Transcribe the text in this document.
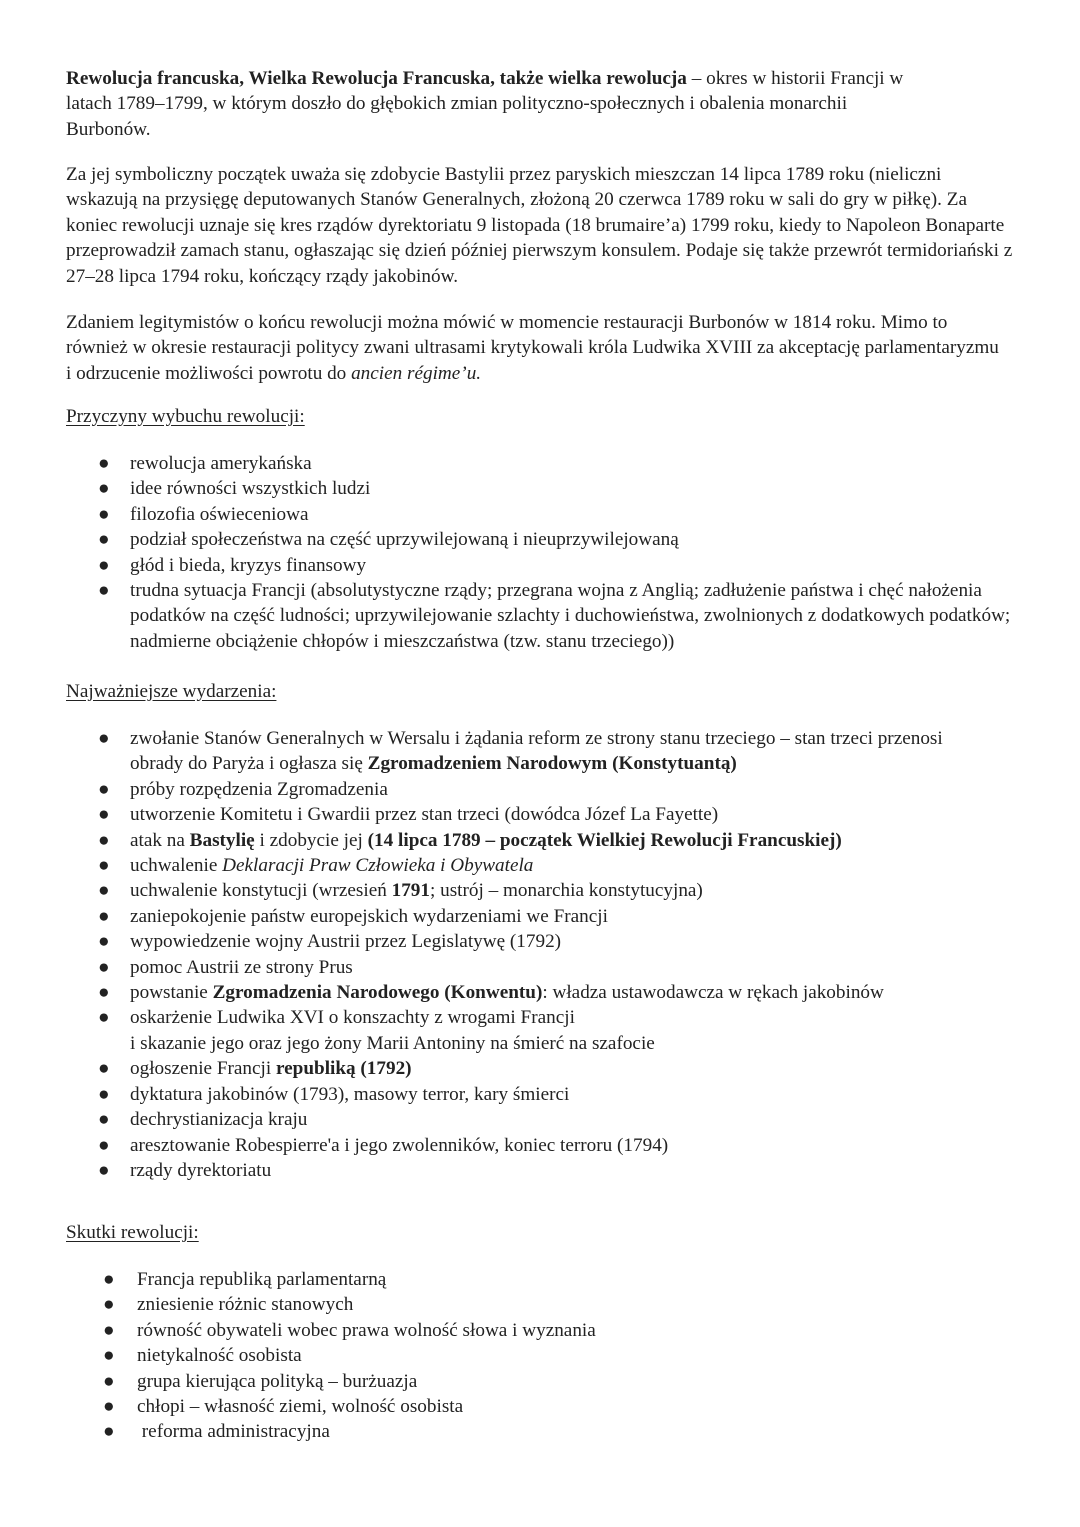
Rewolucja francuska, Wielka Rewolucja Francuska, także wielka rewolucja – okres w historii Francji w latach 1789–1799, w którym doszło do głębokich zmian polityczno-społecznych i obalenia monarchii Burbonów.

Za jej symboliczny początek uważa się zdobycie Bastylii przez paryskich mieszczan 14 lipca 1789 roku (nieliczni wskazują na przysięgę deputowanych Stanów Generalnych, złożoną 20 czerwca 1789 roku w sali do gry w piłkę). Za koniec rewolucji uznaje się kres rządów dyrektoriatu 9 listopada (18 brumaire’a) 1799 roku, kiedy to Napoleon Bonaparte przeprowadził zamach stanu, ogłaszając się dzień później pierwszym konsulem. Podaje się także przewrót termidoriański z 27–28 lipca 1794 roku, kończący rządy jakobinów.

Zdaniem legitymistów o końcu rewolucji można mówić w momencie restauracji Burbonów w 1814 roku. Mimo to również w okresie restauracji politycy zwani ultrasami krytykowali króla Ludwika XVIII za akceptację parlamentaryzmu i odrzucenie możliwości powrotu do ancien régime’u.

Przyczyny wybuchu rewolucji:

● rewolucja amerykańska
● idee równości wszystkich ludzi
● filozofia oświeceniowa
● podział społeczeństwa na część uprzywilejowaną i nieuprzywilejowaną
● głód i bieda, kryzys finansowy
● trudna sytuacja Francji (absolutystyczne rządy; przegrana wojna z Anglią; zadłużenie państwa i chęć nałożenia podatków na część ludności; uprzywilejowanie szlachty i duchowieństwa, zwolnionych z dodatkowych podatków; nadmierne obciążenie chłopów i mieszczaństwa (tzw. stanu trzeciego))

Najważniejsze wydarzenia:

● zwołanie Stanów Generalnych w Wersalu i żądania reform ze strony stanu trzeciego – stan trzeci przenosi obrady do Paryża i ogłasza się Zgromadzeniem Narodowym (Konstytuantą)
● próby rozpędzenia Zgromadzenia
● utworzenie Komitetu i Gwardii przez stan trzeci (dowódca Józef La Fayette)
● atak na Bastylię i zdobycie jej (14 lipca 1789 – początek Wielkiej Rewolucji Francuskiej)
● uchwalenie Deklaracji Praw Człowieka i Obywatela
● uchwalenie konstytucji (wrzesień 1791; ustrój – monarchia konstytucyjna)
● zaniepokojenie państw europejskich wydarzeniami we Francji
● wypowiedzenie wojny Austrii przez Legislatywę (1792)
● pomoc Austrii ze strony Prus
● powstanie Zgromadzenia Narodowego (Konwentu): władza ustawodawcza w rękach jakobinów
● oskarżenie Ludwika XVI o konszachty z wrogami Francji
i skazanie jego oraz jego żony Marii Antoniny na śmierć na szafocie
● ogłoszenie Francji republiką (1792)
● dyktatura jakobinów (1793), masowy terror, kary śmierci
● dechrystianizacja kraju
● aresztowanie Robespierre'a i jego zwolenników, koniec terroru (1794)
● rządy dyrektoriatu

Skutki rewolucji:

● Francja republiką parlamentarną
● zniesienie różnic stanowych
● równość obywateli wobec prawa wolność słowa i wyznania
● nietykalność osobista
● grupa kierująca polityką – burżuazja
● chłopi – własność ziemi, wolność osobista
● reforma administracyjna
